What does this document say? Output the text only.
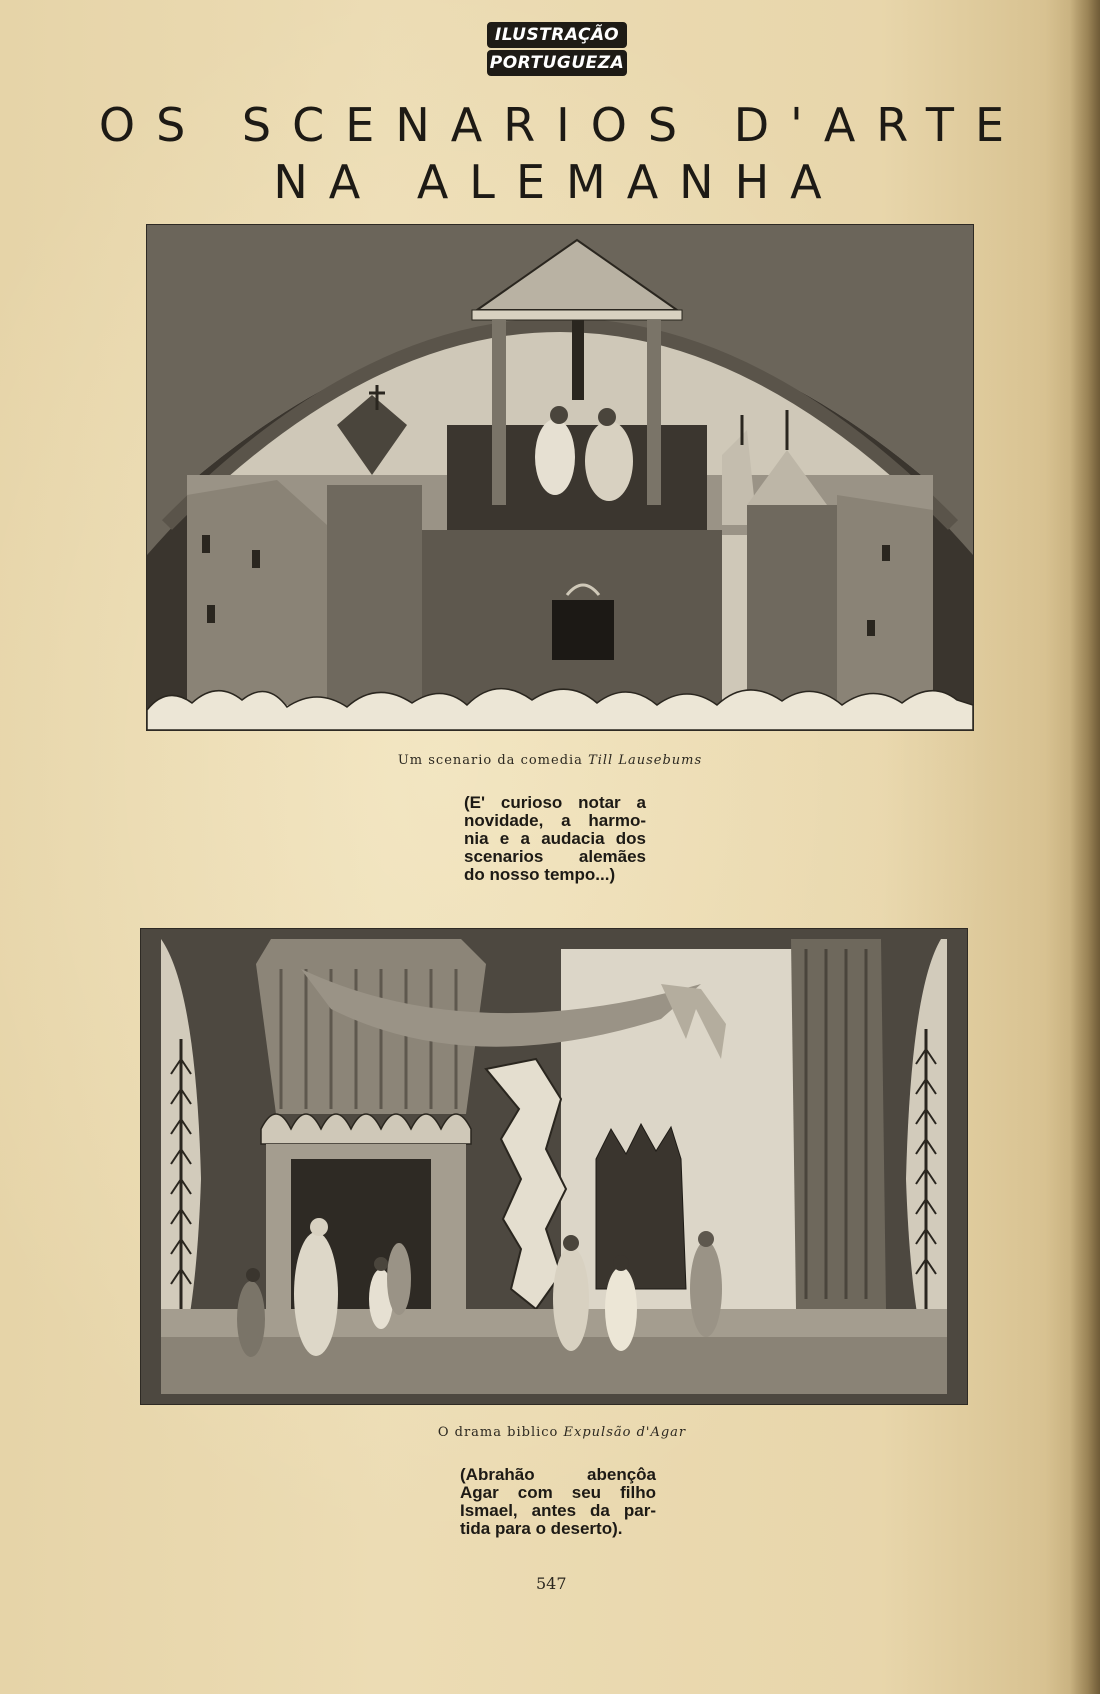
ILUSTRAÇÃO
PORTUGUEZA
OS SCENARIOS D'ARTE
NA ALEMANHA
Um scenario da comedia Till Lausebums
(E' curioso notar a
novidade, a harmo-
nia e a audacia dos
scenarios alemães
do nosso tempo...)
O drama biblico Expulsão d'Agar
(Abrahão abençôa
Agar com seu filho
Ismael, antes da par-
tida para o deserto).
547
